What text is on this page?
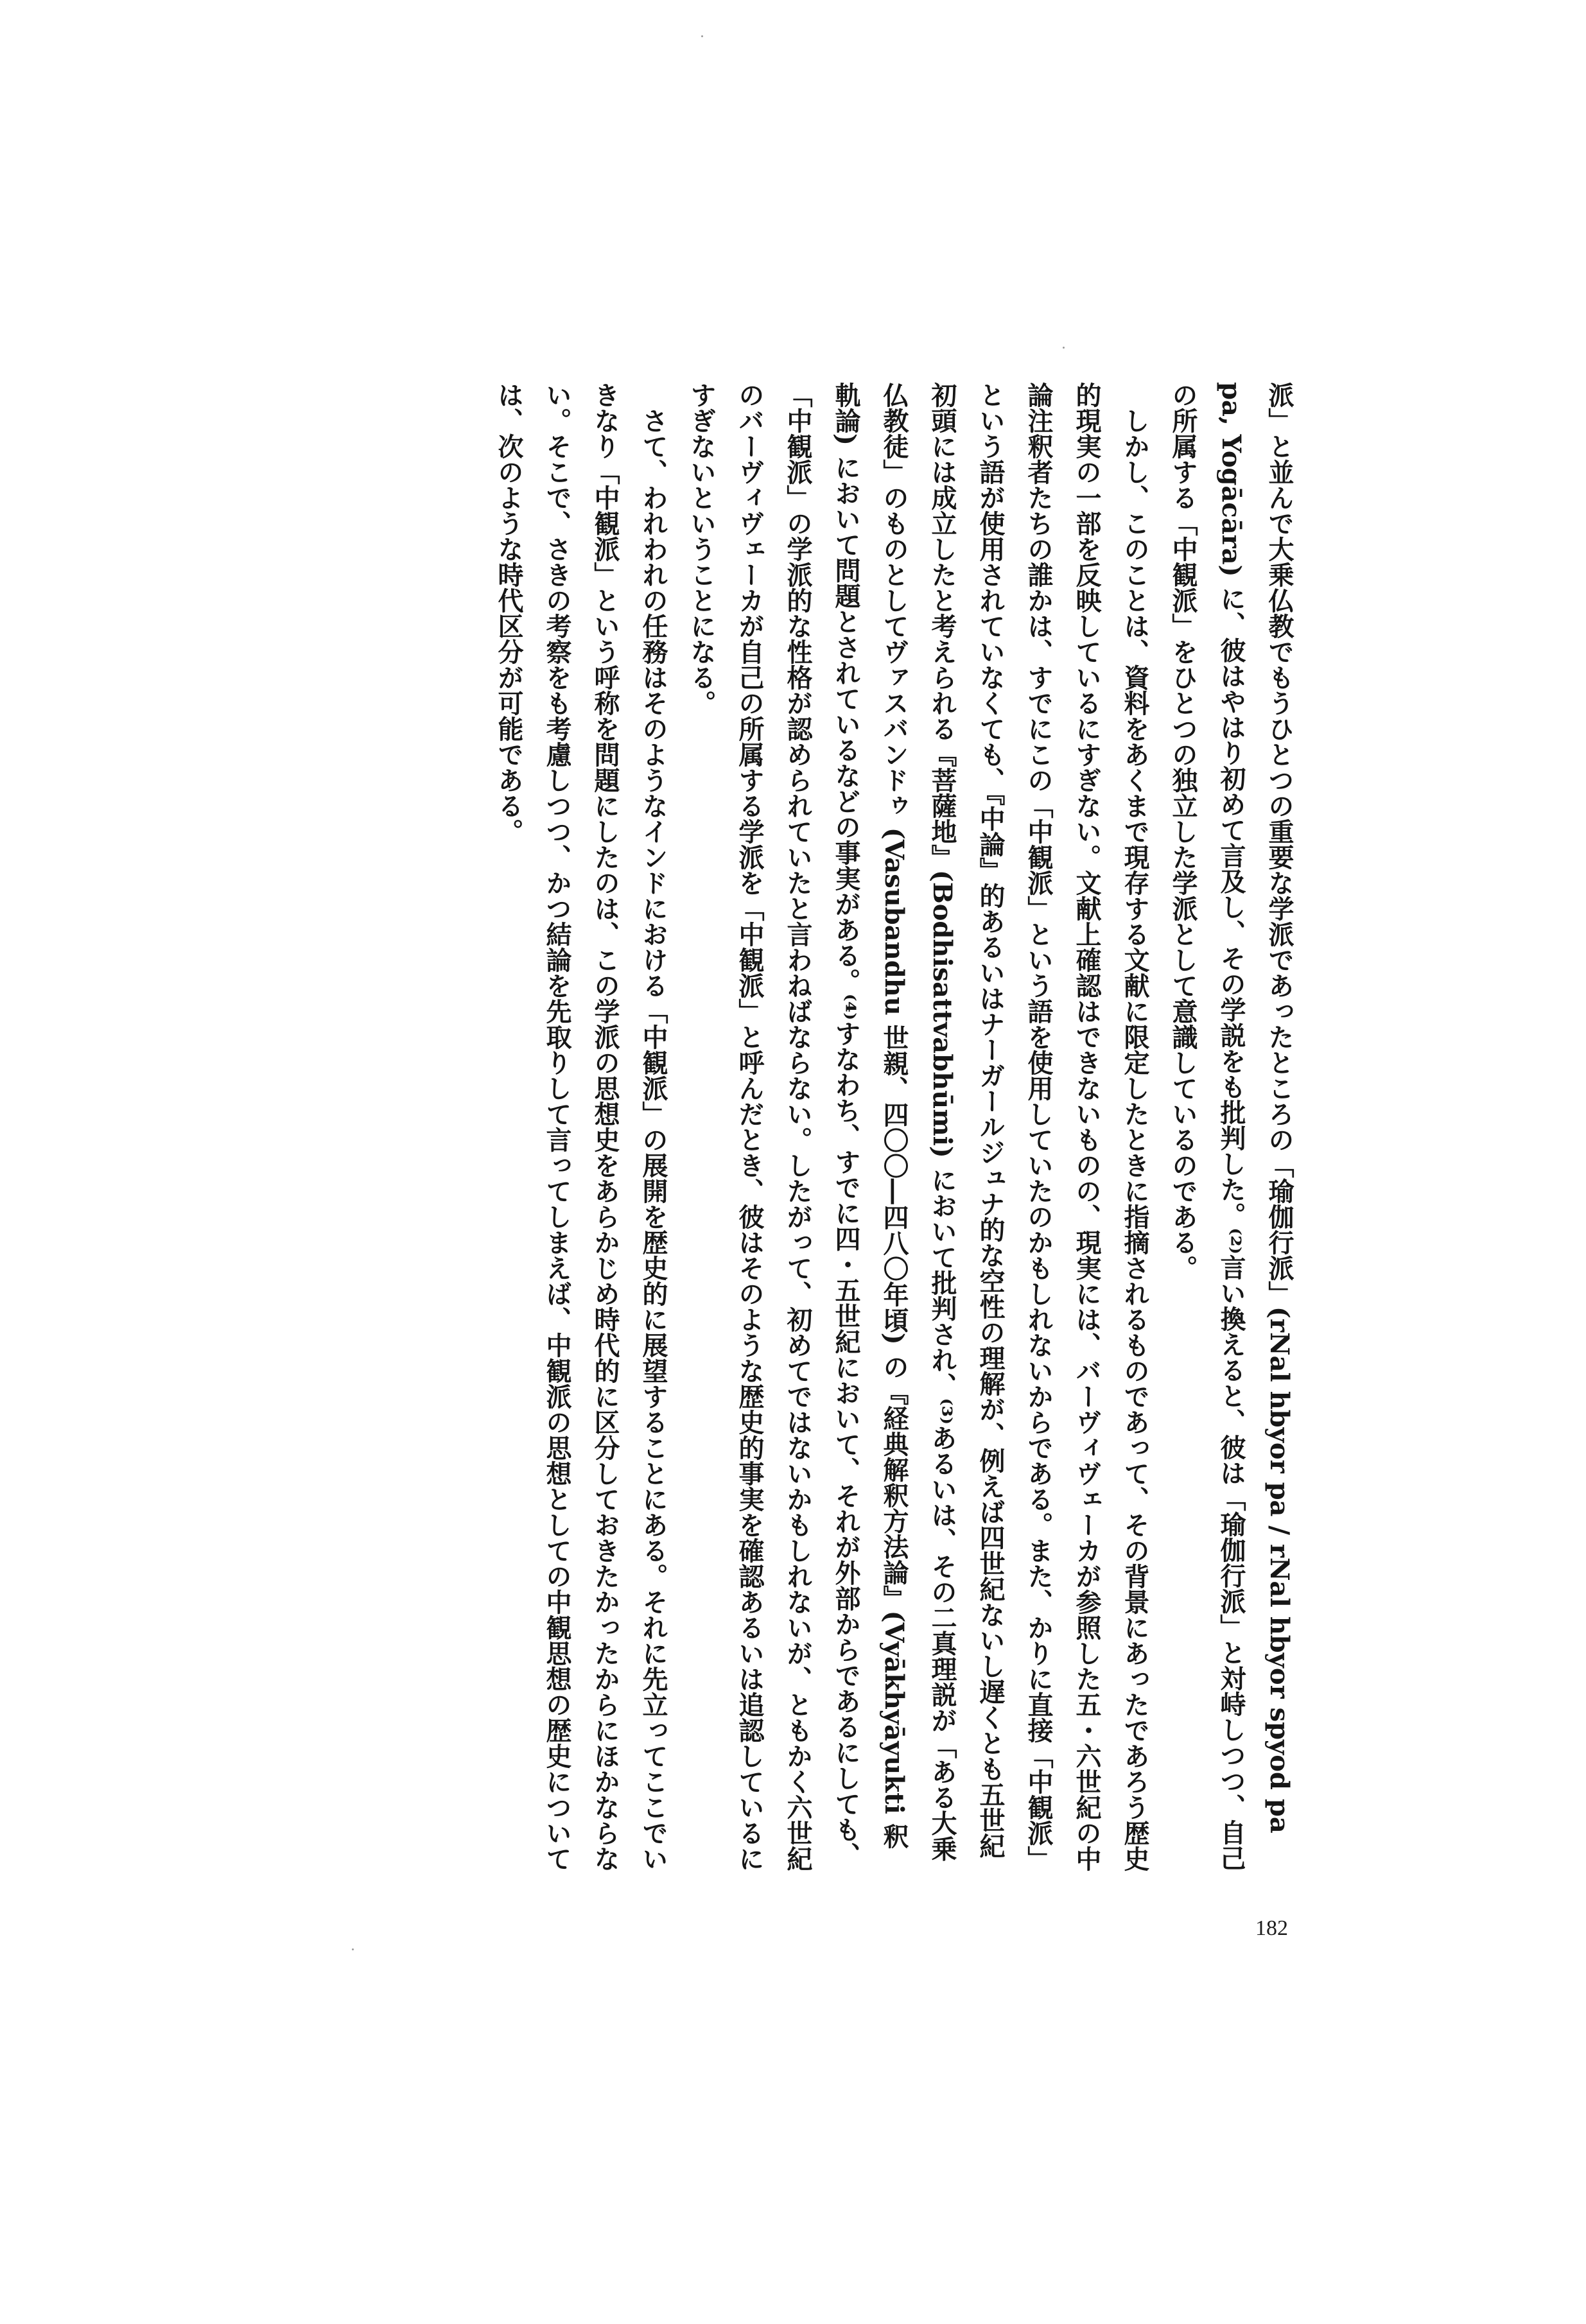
派」と並んで大乗仏教でもうひとつの重要な学派であったところの「瑜伽行派」(rNal hbyor pa / rNal hbyor spyod pa pa, Yogācāra) に、彼はやはり初めて言及し、その学説をも批判した。⁽²⁾言い換えると、彼は「瑜伽行派」と対峙しつつ、自己の所属する「中観派」をひとつの独立した学派として意識しているのである。

しかし、このことは、資料をあくまで現存する文献に限定したときに指摘されるものであって、その背景にあったであろう歴史的現実の一部を反映しているにすぎない。文献上確認はできないものの、現実には、バーヴィヴェーカが参照した五・六世紀の中論注釈者たちの誰かは、すでにこの「中観派」という語を使用していたのかもしれないからである。また、かりに直接「中観派」という語が使用されていなくても、『中論』的あるいはナーガールジュナ的な空性の理解が、例えば四世紀ないし遅くとも五世紀初頭には成立したと考えられる『菩薩地』(Bodhisattvabhūmi) において批判され、⁽³⁾あるいは、その二真理説が「ある大乗仏教徒」のものとしてヴァスバンドゥ (Vasubandhu 世親、四〇〇―四八〇年頃) の『経典解釈方法論』(Vyākhyāyukti 釈軌論) において問題とされているなどの事実がある。⁽⁴⁾すなわち、すでに四・五世紀において、それが外部からであるにしても、「中観派」の学派的な性格が認められていたと言わねばならない。したがって、初めてではないかもしれないが、ともかく六世紀のバーヴィヴェーカが自己の所属する学派を「中観派」と呼んだとき、彼はそのような歴史的事実を確認あるいは追認しているにすぎないということになる。

さて、われわれの任務はそのようなインドにおける「中観派」の展開を歴史的に展望することにある。それに先立ってここでいきなり「中観派」という呼称を問題にしたのは、この学派の思想史をあらかじめ時代的に区分しておきたかったからにほかならない。そこで、さきの考察をも考慮しつつ、かつ結論を先取りして言ってしまえば、中観派の思想としての中観思想の歴史については、次のような時代区分が可能である。

182
